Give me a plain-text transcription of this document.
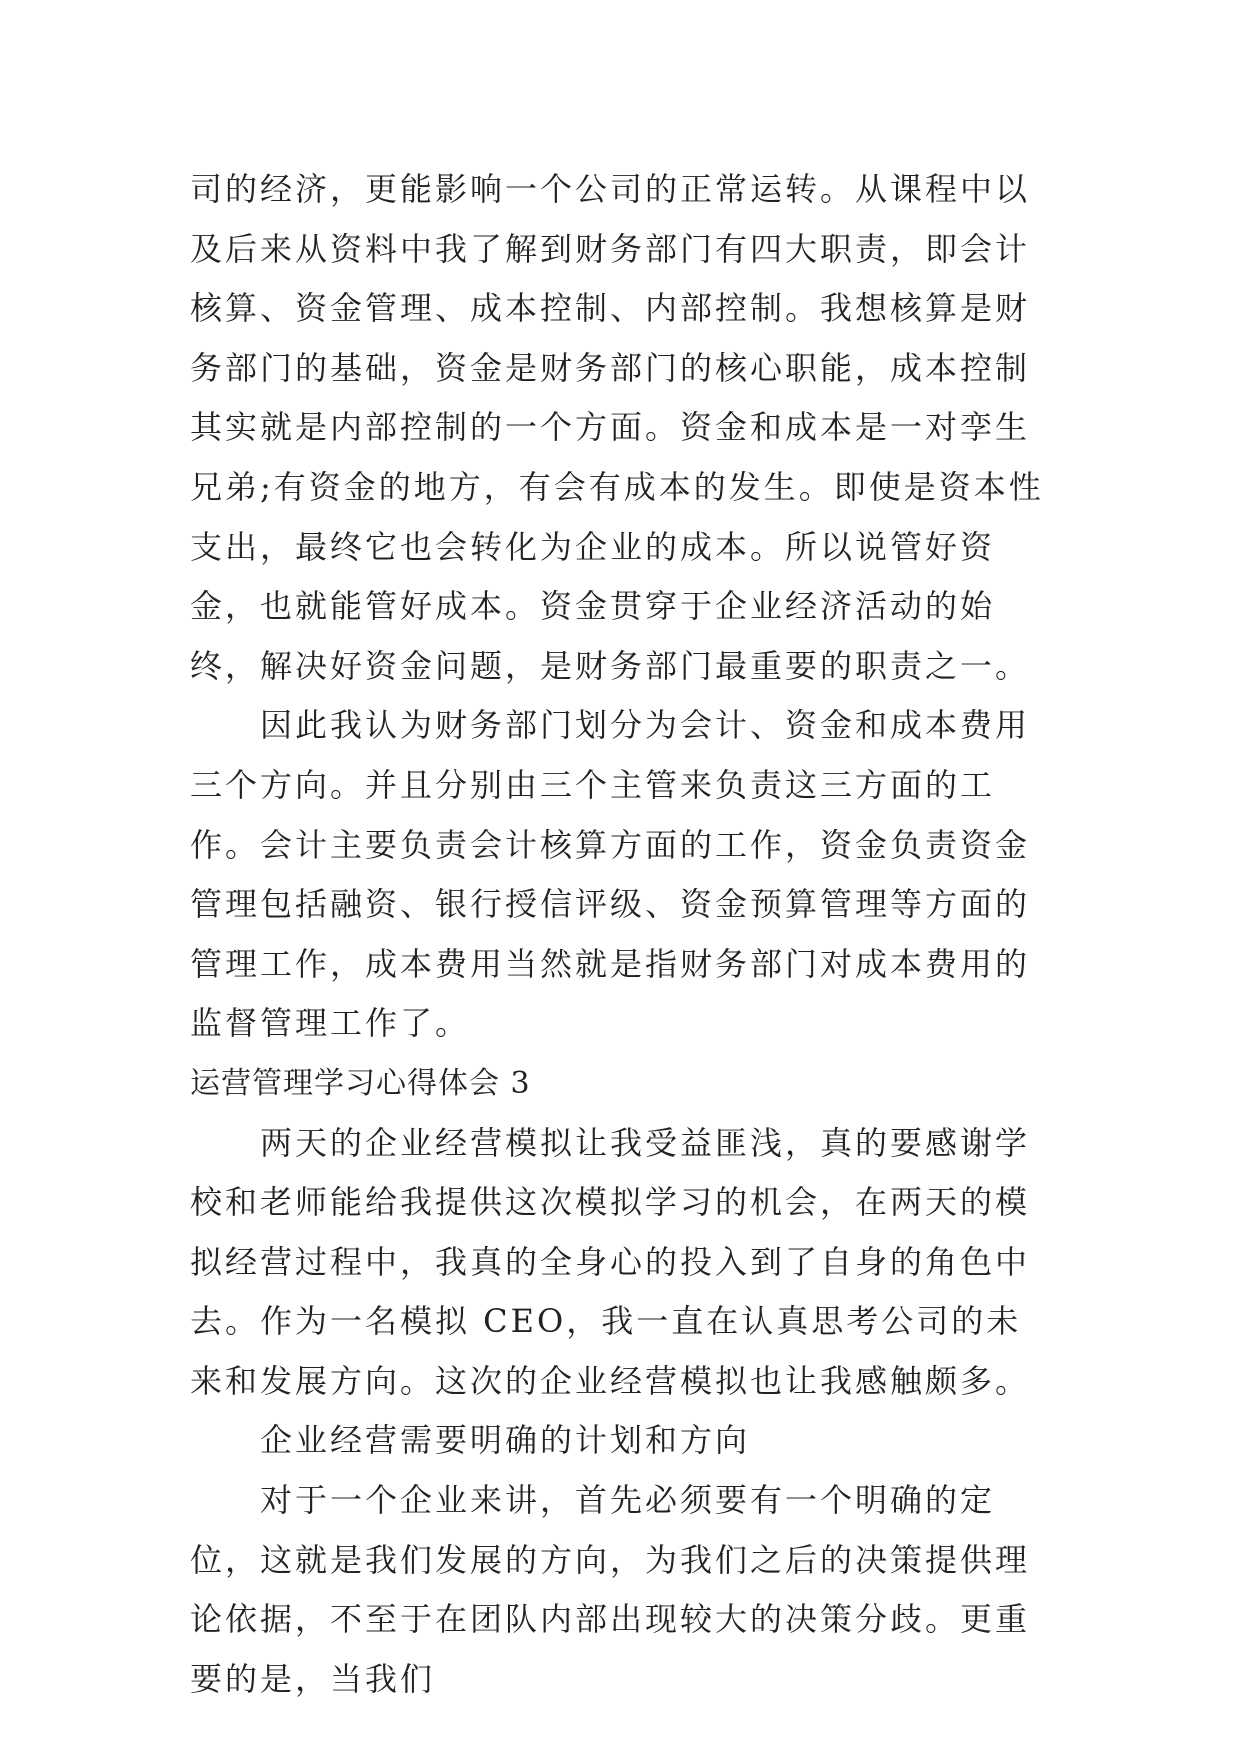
司的经济，更能影响一个公司的正常运转。从课程中以及后来从资料中我了解到财务部门有四大职责，即会计核算、资金管理、成本控制、内部控制。我想核算是财务部门的基础，资金是财务部门的核心职能，成本控制其实就是内部控制的一个方面。资金和成本是一对孪生兄弟;有资金的地方，有会有成本的发生。即使是资本性支出，最终它也会转化为企业的成本。所以说管好资金，也就能管好成本。资金贯穿于企业经济活动的始终，解决好资金问题，是财务部门最重要的职责之一。

因此我认为财务部门划分为会计、资金和成本费用三个方向。并且分别由三个主管来负责这三方面的工作。会计主要负责会计核算方面的工作，资金负责资金管理包括融资、银行授信评级、资金预算管理等方面的管理工作，成本费用当然就是指财务部门对成本费用的监督管理工作了。

运营管理学习心得体会 3

两天的企业经营模拟让我受益匪浅，真的要感谢学校和老师能给我提供这次模拟学习的机会，在两天的模拟经营过程中，我真的全身心的投入到了自身的角色中去。作为一名模拟 CEO，我一直在认真思考公司的未来和发展方向。这次的企业经营模拟也让我感触颇多。

企业经营需要明确的计划和方向

对于一个企业来讲，首先必须要有一个明确的定位，这就是我们发展的方向，为我们之后的决策提供理论依据，不至于在团队内部出现较大的决策分歧。更重要的是，当我们
